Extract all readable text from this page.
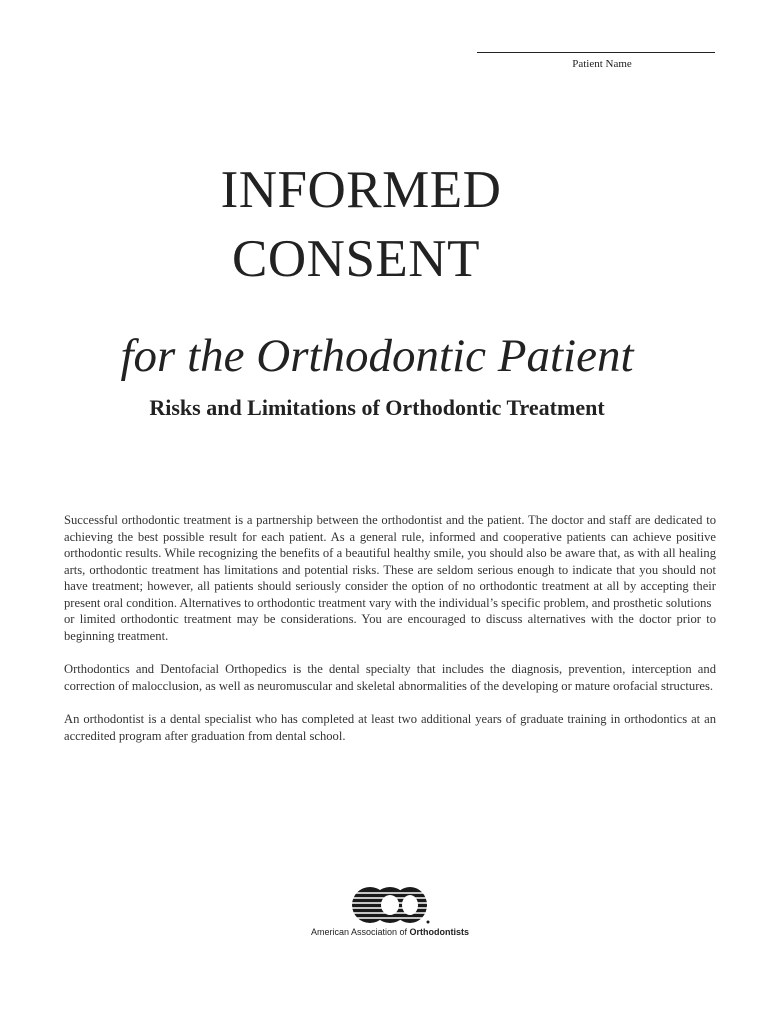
Patient Name
INFORMED
CONSENT
for the Orthodontic Patient
Risks and Limitations of Orthodontic Treatment

Successful orthodontic treatment is a partnership between the orthodontist and the patient. The doctor and staff are dedicated to achieving the best possible result for each patient. As a general rule, informed and cooperative patients can achieve positive orthodontic results. While recognizing the benefits of a beautiful healthy smile, you should also be aware that, as with all healing arts, orthodontic treatment has limitations and potential risks. These are seldom serious enough to indicate that you should not have treatment; however, all patients should seriously consider the option of no orthodontic treatment at all by accepting their present oral condition. Alternatives to orthodontic treatment vary with the individual’s specific problem, and prosthetic solutions

or limited orthodontic treatment may be considerations. You are encouraged to discuss alternatives with the doctor prior to beginning treatment.

Orthodontics and Dentofacial Orthopedics is the dental specialty that includes the diagnosis, prevention, interception and correction of malocclusion, as well as neuromuscular and skeletal abnormalities of the developing or mature orofacial structures.

An orthodontist is a dental specialist who has completed at least two additional years of graduate training in orthodontics at an accredited program after graduation from dental school.

American Association of Orthodontists
